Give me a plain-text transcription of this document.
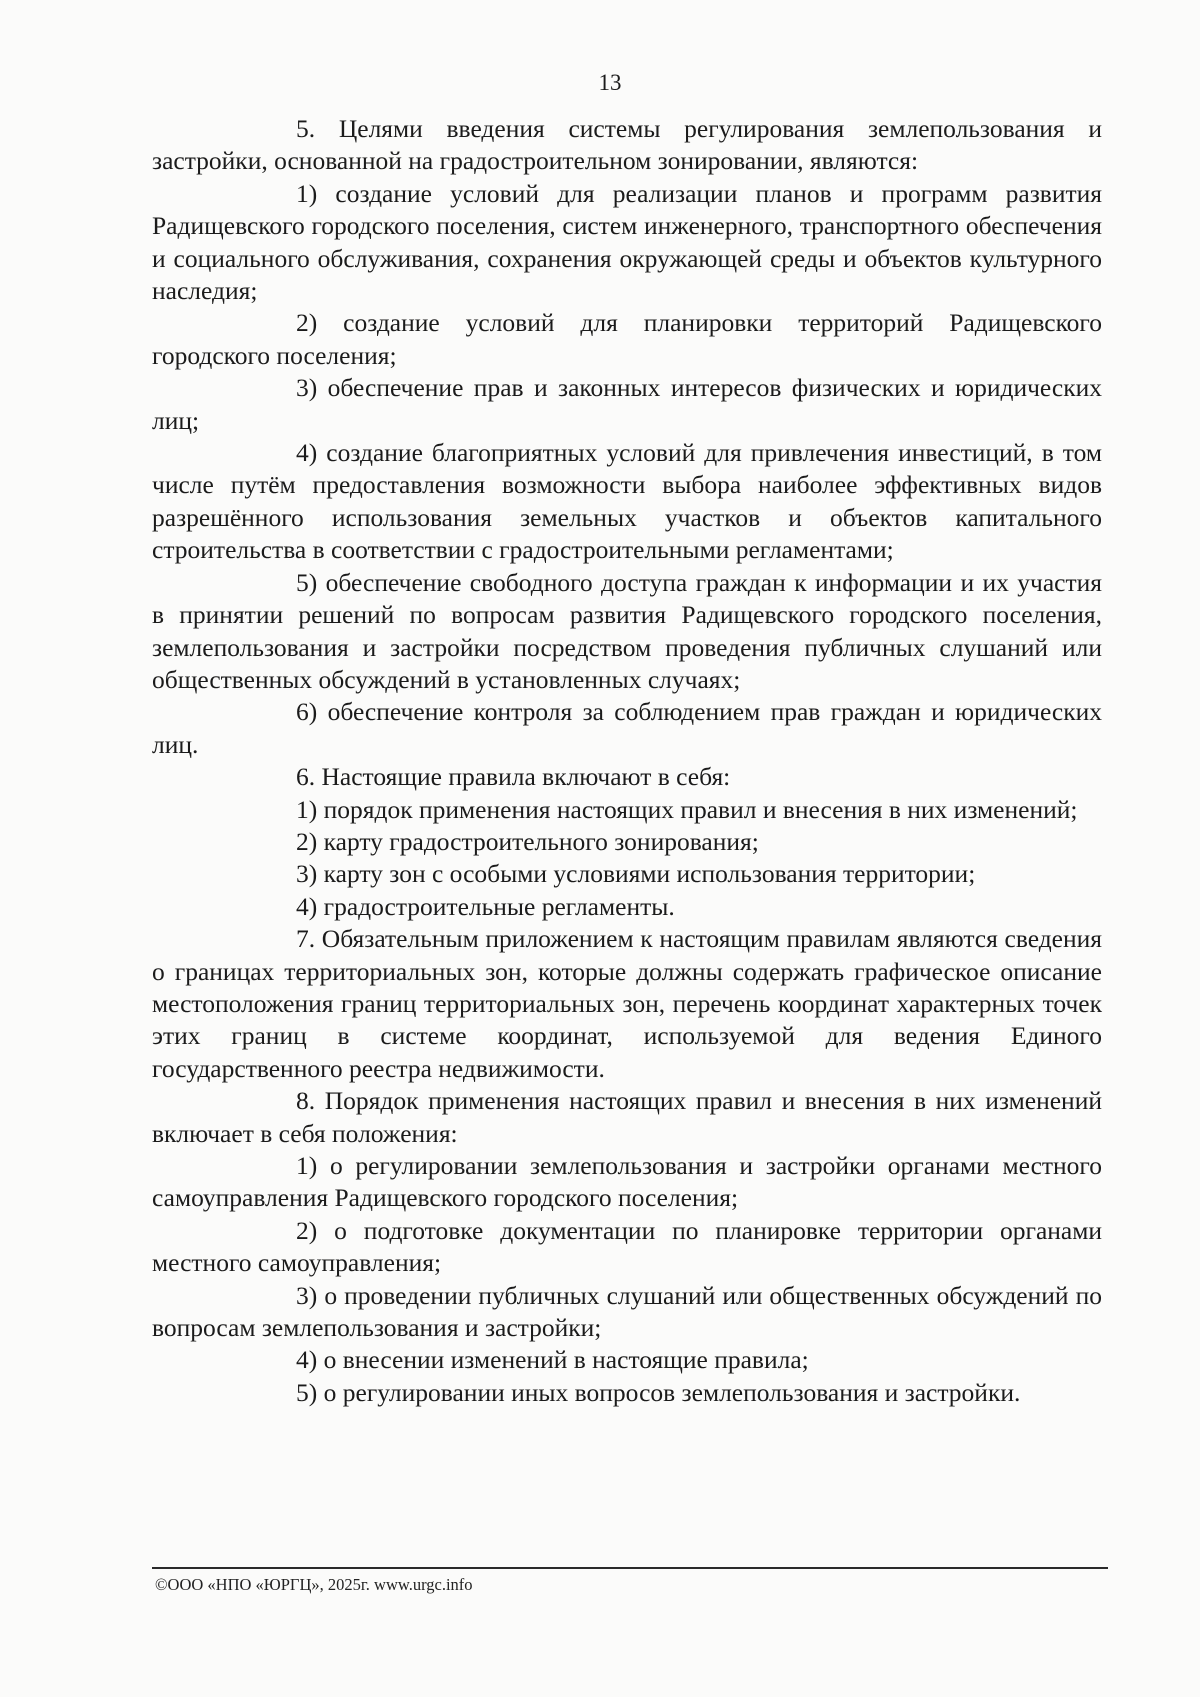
13

5. Целями введения системы регулирования землепользования и застройки, основанной на градостроительном зонировании, являются:

1) создание условий для реализации планов и программ развития Радищевского городского поселения, систем инженерного, транспортного обеспечения и социального обслуживания, сохранения окружающей среды и объектов культурного наследия;

2) создание условий для планировки территорий Радищевского городского поселения;

3) обеспечение прав и законных интересов физических и юридических лиц;

4) создание благоприятных условий для привлечения инвестиций, в том числе путём предоставления возможности выбора наиболее эффективных видов разрешённого использования земельных участков и объектов капитального строительства в соответствии с градостроительными регламентами;

5) обеспечение свободного доступа граждан к информации и их участия в принятии решений по вопросам развития Радищевского городского поселения, землепользования и застройки посредством проведения публичных слушаний или общественных обсуждений в установленных случаях;

6) обеспечение контроля за соблюдением прав граждан и юридических лиц.

6. Настоящие правила включают в себя:

1) порядок применения настоящих правил и внесения в них изменений;

2) карту градостроительного зонирования;

3) карту зон с особыми условиями использования территории;

4) градостроительные регламенты.

7. Обязательным приложением к настоящим правилам являются сведения о границах территориальных зон, которые должны содержать графическое описание местоположения границ территориальных зон, перечень координат характерных точек этих границ в системе координат, используемой для ведения Единого государственного реестра недвижимости.

8. Порядок применения настоящих правил и внесения в них изменений включает в себя положения:

1) о регулировании землепользования и застройки органами местного самоуправления Радищевского городского поселения;

2) о подготовке документации по планировке территории органами местного самоуправления;

3) о проведении публичных слушаний или общественных обсуждений по вопросам землепользования и застройки;

4) о внесении изменений в настоящие правила;

5) о регулировании иных вопросов землепользования и застройки.

©ООО «НПО «ЮРГЦ», 2025г. www.urgc.info
